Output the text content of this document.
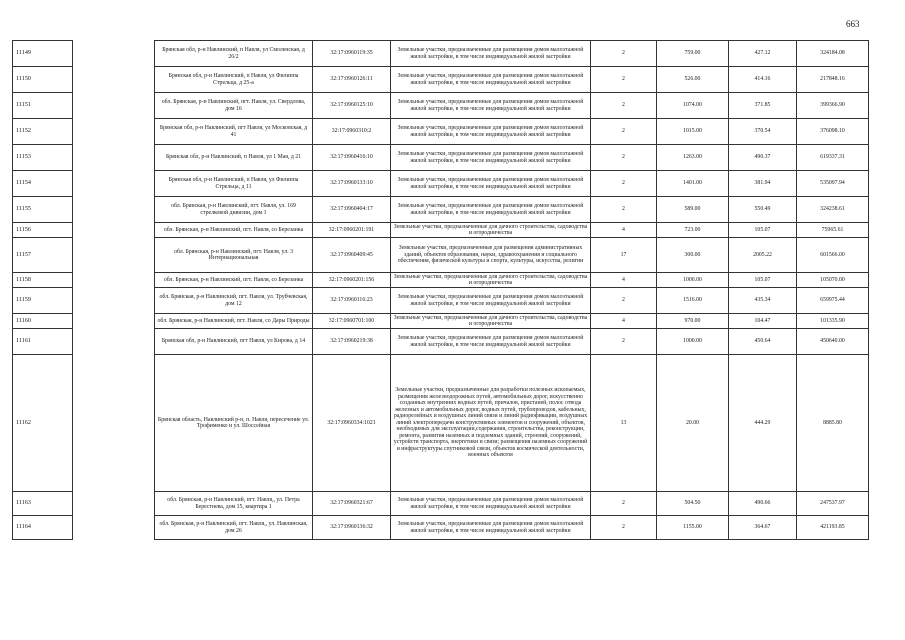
663
11149		Брянская обл, р-н Навлинский, п Навля, ул Смоленская, д 26/2	32:17:0960119:35	Земельные участки, предназначенные для размещения домов малоэтажной жилой застройки, в том числе индивидуальной жилой застройки	2	759.00	427.12	324184.08
11150		Брянская обл, р-н Навлинский, п Навля, ул Филиппа Стрельца, д 25-а	32:17:0960126:11	Земельные участки, предназначенные для размещения домов малоэтажной жилой застройки, в том числе индивидуальной жилой застройки	2	526.00	414.16	217848.16
11151		обл. Брянская, р-н Навлинский, пгт. Навля, ул. Свердлова, дом 16	32:17:0960125:10	Земельные участки, предназначенные для размещения домов малоэтажной жилой застройки, в том числе индивидуальной жилой застройки	2	1074.00	371.85	399366.90
11152		Брянская обл, р-н Навлинский, пгт Навля, ул Московская, д 41	32:17:0960310:2	Земельные участки, предназначенные для размещения домов малоэтажной жилой застройки, в том числе индивидуальной жилой застройки	2	1015.00	370.54	376098.10
11153		Брянская обл, р-н Навлинский, п Навля, ул 1 Мая, д 21	32:17:0960416:10	Земельные участки, предназначенные для размещения домов малоэтажной жилой застройки, в том числе индивидуальной жилой застройки	2	1263.00	490.37	619337.31
11154		Брянская обл, р-н Навлинский, п Навля, ул Филиппа Стрельца, д 11	32:17:0960133:10	Земельные участки, предназначенные для размещения домов малоэтажной жилой застройки, в том числе индивидуальной жилой застройки	2	1401.00	381.94	535097.94
11155		обл. Брянская, р-н Навлинский, пгт. Навля, ул. 169 стрелковой дивизии, дом 1	32:17:0960404:17	Земельные участки, предназначенные для размещения домов малоэтажной жилой застройки, в том числе индивидуальной жилой застройки	2	589.00	550.49	324238.61
11156		обл. Брянская, р-н Навлинский, пгт. Навля, со Березанка	32:17:0960201:191	Земельные участки, предназначенные для дачного строительства, садоводства и огородничества	4	723.00	105.07	75965.61
11157		обл. Брянская, р-н Навлинский, пгт. Навля, ул. 3 Интернациональная	32:17:0960409:45	Земельные участки, предназначенные для размещения административных зданий, объектов образования, науки, здравоохранения и социального обеспечения, физической культуры и спорта, культуры, искусства, религии	17	300.00	2005.22	601566.00
11158		обл. Брянская, р-н Навлинский, пгт. Навля, со Березанка	32:17:0960201:156	Земельные участки, предназначенные для дачного строительства, садоводства и огородничества	4	1000.00	105.07	105070.00
11159		обл. Брянская, р-н Навлинский, пгт. Навля, ул. Трубчевская, дом 12	32:17:0960116:23	Земельные участки, предназначенные для размещения домов малоэтажной жилой застройки, в том числе индивидуальной жилой застройки	2	1516.00	435.34	659975.44
11160		обл. Брянская, р-н Навлинский, пгт. Навля, со Дары Природы	32:17:0960701:100	Земельные участки, предназначенные для дачного строительства, садоводства и огородничества	4	970.00	104.47	101335.90
11161		Брянская обл, р-н Навлинский, пгт Навля, ул Кирова, д 14	32:17:0960219:38	Земельные участки, предназначенные для размещения домов малоэтажной жилой застройки, в том числе индивидуальной жилой застройки	2	1000.00	450.64	450640.00
11162		Брянская область, Навлинский р-н, п. Навля, пересечение ул. Трофименко и ул. Шоссейная	32:17:0960334:1021	Земельные участки, предназначенные для разработки полезных ископаемых, размещения железнодорожных путей, автомобильных дорог, искусственно созданных внутренних водных путей, причалов, пристаней, полос отвода железных и автомобильных дорог, водных путей, трубопроводов, кабельных, радиорелейных и воздушных линий связи и линий радиофикации, воздушных линий электропередачи конструктивных элементов и сооружений, объектов, необходимых для эксплуатации,содержания, строительства, реконструкции, ремонта, развития наземных и подземных зданий, строений, сооружений, устройств транспорта, энергетики и связи; размещения наземных сооружений и инфраструктуры спутниковой связи, объектов космической деятельности, военных объектов	13	20.00	444.29	8885.80
11163		обл. Брянская, р-н Навлинский, пгт. Навля,, ул. Петра Берестнева, дом 15, квартира 1	32:17:0960321:67	Земельные участки, предназначенные для размещения домов малоэтажной жилой застройки, в том числе индивидуальной жилой застройки	2	504.50	490.66	247537.97
11164		обл. Брянская, р-н Навлинский, пгт. Навля,, ул. Навлинская, дом 26	32:17:0960136:32	Земельные участки, предназначенные для размещения домов малоэтажной жилой застройки, в том числе индивидуальной жилой застройки	2	1155.00	364.67	421193.85
